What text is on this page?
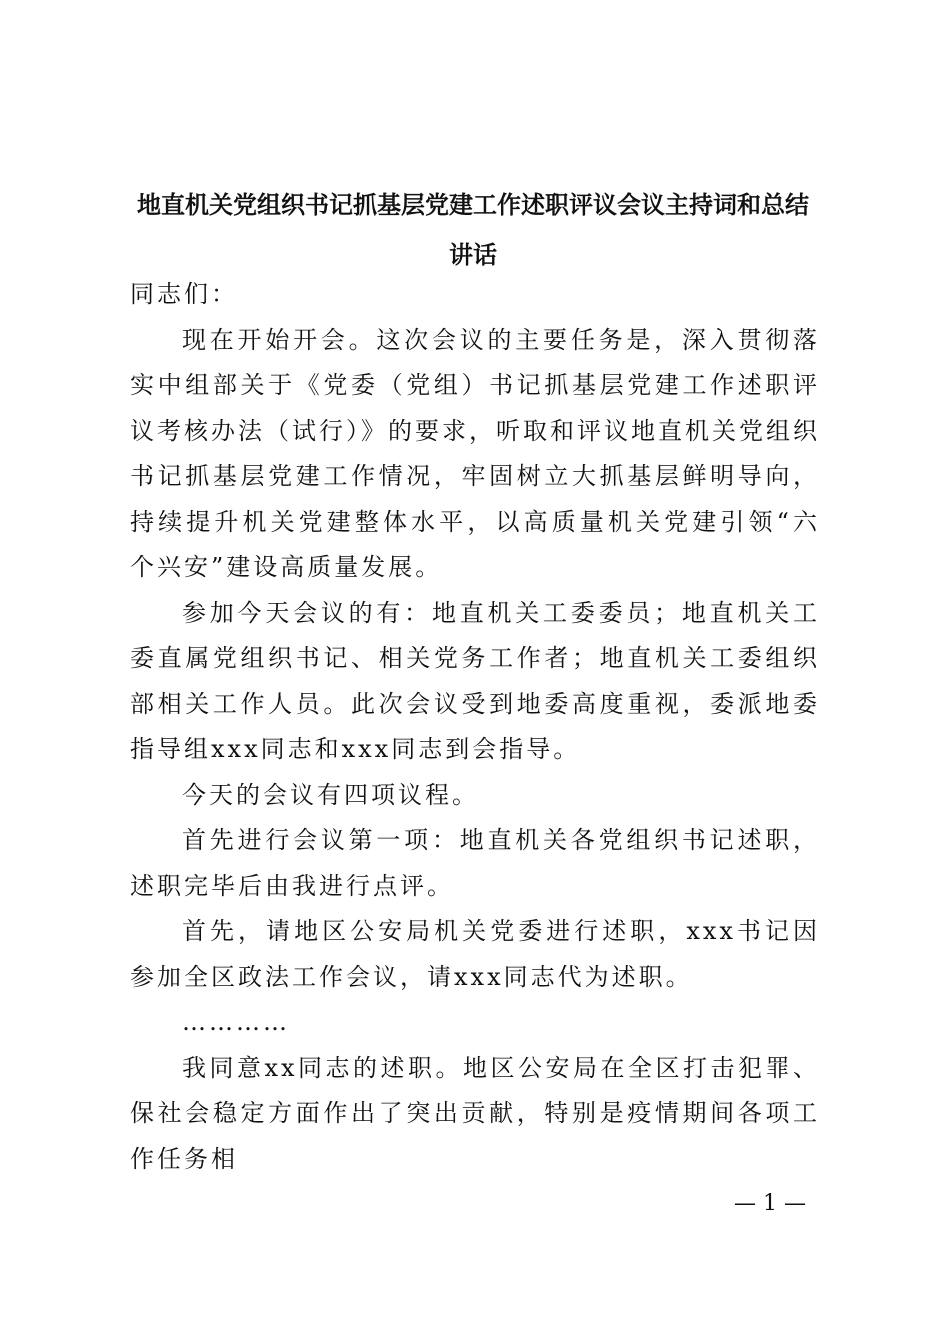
地直机关党组织书记抓基层党建工作述职评议会议主持词和总结讲话

同志们：

现在开始开会。这次会议的主要任务是，深入贯彻落实中组部关于《党委（党组）书记抓基层党建工作述职评议考核办法（试行）》的要求，听取和评议地直机关党组织书记抓基层党建工作情况，牢固树立大抓基层鲜明导向，持续提升机关党建整体水平，以高质量机关党建引领“六个兴安”建设高质量发展。

参加今天会议的有：地直机关工委委员；地直机关工委直属党组织书记、相关党务工作者；地直机关工委组织部相关工作人员。此次会议受到地委高度重视，委派地委指导组xxx同志和xxx同志到会指导。

今天的会议有四项议程。

首先进行会议第一项：地直机关各党组织书记述职，述职完毕后由我进行点评。

首先，请地区公安局机关党委进行述职，xxx书记因参加全区政法工作会议，请xxx同志代为述职。

…………

我同意xx同志的述职。地区公安局在全区打击犯罪、保社会稳定方面作出了突出贡献，特别是疫情期间各项工作任务相

— 1 —
